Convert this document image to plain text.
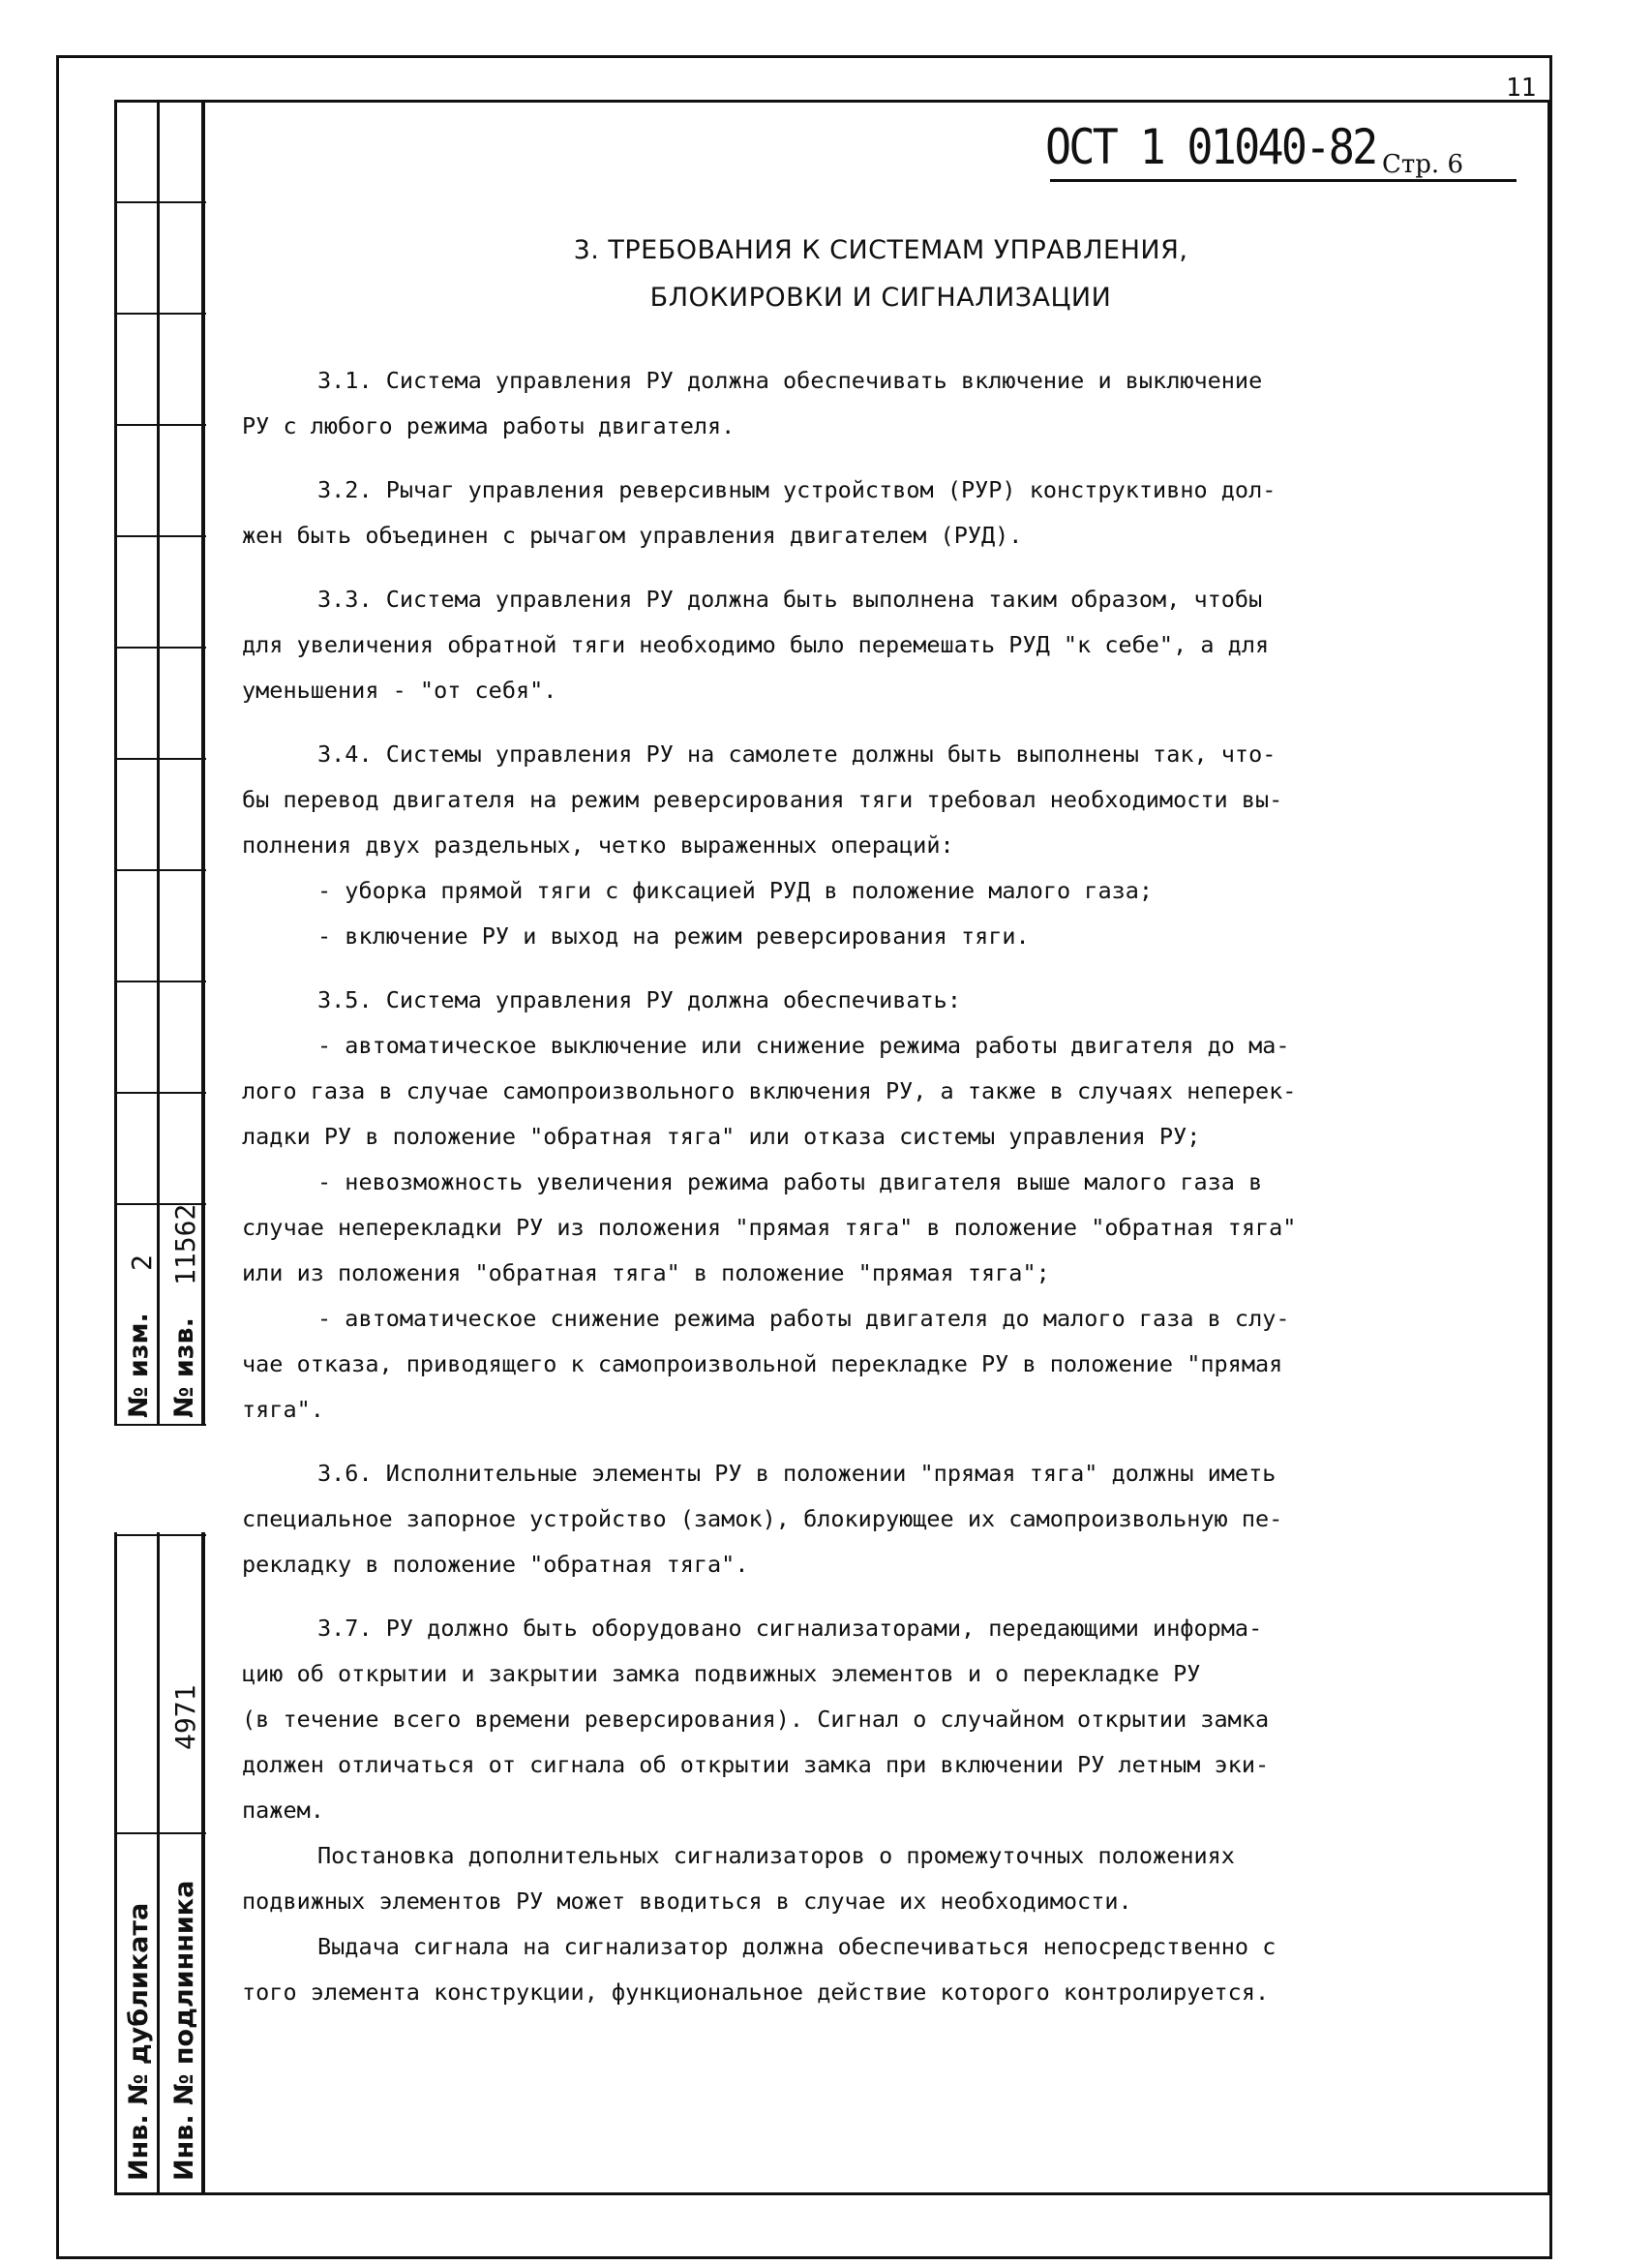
11
№ изм.
2
№ изв.
11562
4971
Инв. № дубликата Инв. № подлинника
ОСТ 1 01040-82 Стр. 6
3. ТРЕБОВАНИЯ К СИСТЕМАМ УПРАВЛЕНИЯ,
БЛОКИРОВКИ И СИГНАЛИЗАЦИИ
3.1. Система управления РУ должна обеспечивать включение и выключение
РУ с любого режима работы двигателя.
3.2. Рычаг управления реверсивным устройством (РУР) конструктивно дол-
жен быть объединен с рычагом управления двигателем (РУД).
3.3. Система управления РУ должна быть выполнена таким образом, чтобы
для увеличения обратной тяги необходимо было перемешать РУД "к себе", а для
уменьшения - "от себя".
3.4. Системы управления РУ на самолете должны быть выполнены так, что-
бы перевод двигателя на режим реверсирования тяги требовал необходимости вы-
полнения двух раздельных, четко выраженных операций:
- уборка прямой тяги с фиксацией РУД в положение малого газа;
- включение РУ и выход на режим реверсирования тяги.
3.5. Система управления РУ должна обеспечивать:
- автоматическое выключение или снижение режима работы двигателя до ма-
лого газа в случае самопроизвольного включения РУ, а также в случаях неперек-
ладки РУ в положение "обратная тяга" или отказа системы управления РУ;
- невозможность увеличения режима работы двигателя выше малого газа в
случае неперекладки РУ из положения "прямая тяга" в положение "обратная тяга"
или из положения "обратная тяга" в положение "прямая тяга";
- автоматическое снижение режима работы двигателя до малого газа в слу-
чае отказа, приводящего к самопроизвольной перекладке РУ в положение "прямая
тяга".
3.6. Исполнительные элементы РУ в положении "прямая тяга" должны иметь
специальное запорное устройство (замок), блокирующее их самопроизвольную пе-
рекладку в положение "обратная тяга".
3.7. РУ должно быть оборудовано сигнализаторами, передающими информа-
цию об открытии и закрытии замка подвижных элементов и о перекладке РУ
(в течение всего времени реверсирования). Сигнал о случайном открытии замка
должен отличаться от сигнала об открытии замка при включении РУ летным эки-
пажем.
Постановка дополнительных сигнализаторов о промежуточных положениях
подвижных элементов РУ может вводиться в случае их необходимости.
Выдача сигнала на сигнализатор должна обеспечиваться непосредственно с
того элемента конструкции, функциональное действие которого контролируется.
